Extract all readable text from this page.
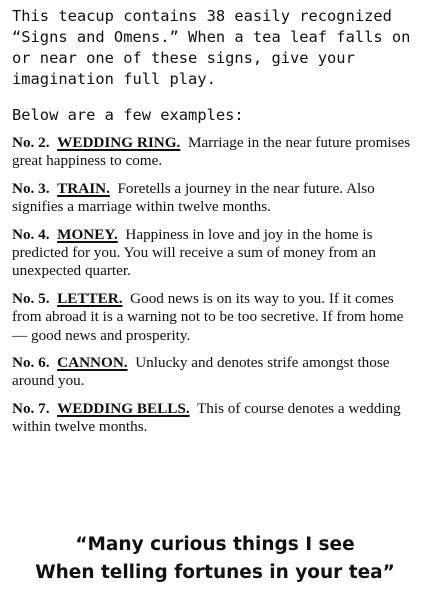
This teacup contains 38 easily recognized “Signs and Omens.” When a tea leaf falls on or near one of these signs, give your imagination full play.

Below are a few examples:

No. 2. WEDDING RING. Marriage in the near future promises great happiness to come.
No. 3. TRAIN. Foretells a journey in the near future. Also signifies a marriage within twelve months.
No. 4. MONEY. Happiness in love and joy in the home is predicted for you. You will receive a sum of money from an unexpected quarter.
No. 5. LETTER. Good news is on its way to you. If it comes from abroad it is a warning not to be too secretive. If from home — good news and prosperity.
No. 6. CANNON. Unlucky and denotes strife amongst those around you.
No. 7. WEDDING BELLS. This of course denotes a wedding within twelve months.
“Many curious things I see
When telling fortunes in your tea”
